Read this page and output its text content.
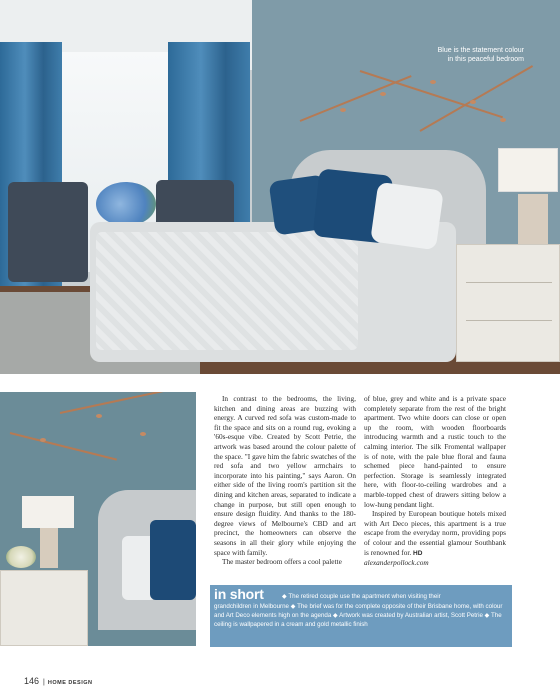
Blue is the statement colour in this peaceful bedroom

In contrast to the bedrooms, the living, kitchen and dining areas are buzzing with energy. A curved red sofa was custom-made to fit the space and sits on a round rug, evoking a '60s-esque vibe. Created by Scott Petrie, the artwork was based around the colour palette of the space. "I gave him the fabric swatches of the red sofa and two yellow armchairs to incorporate into his painting," says Aaron. On either side of the living room's partition sit the dining and kitchen areas, separated to indicate a change in purpose, but still open enough to ensure design fluidity. And thanks to the 180-degree views of Melbourne's CBD and art precinct, the homeowners can observe the seasons in all their glory while enjoying the space with family.

The master bedroom offers a cool palette

of blue, grey and white and is a private space completely separate from the rest of the bright apartment. Two white doors can close or open up the room, with wooden floorboards introducing warmth and a rustic touch to the calming interior. The silk Fromental wallpaper is of note, with the pale blue floral and fauna schemed piece hand-painted to ensure perfection. Storage is seamlessly integrated here, with floor-to-ceiling wardrobes and a marble-topped chest of drawers sitting below a low-hung pendant light.

Inspired by European boutique hotels mixed with Art Deco pieces, this apartment is a true escape from the everyday norm, providing pops of colour and the essential glamour Southbank is renowned for. HD

alexanderpollock.com

in short	◆ The retired couple use the apartment when visiting their
grandchildren in Melbourne ◆ The brief was for the complete opposite of their Brisbane home, with colour and Art Deco elements high on the agenda ◆ Artwork was created by Australian artist, Scott Petrie ◆ The ceiling is wallpapered in a cream and gold metallic finish
146 | HOME DESIGN
